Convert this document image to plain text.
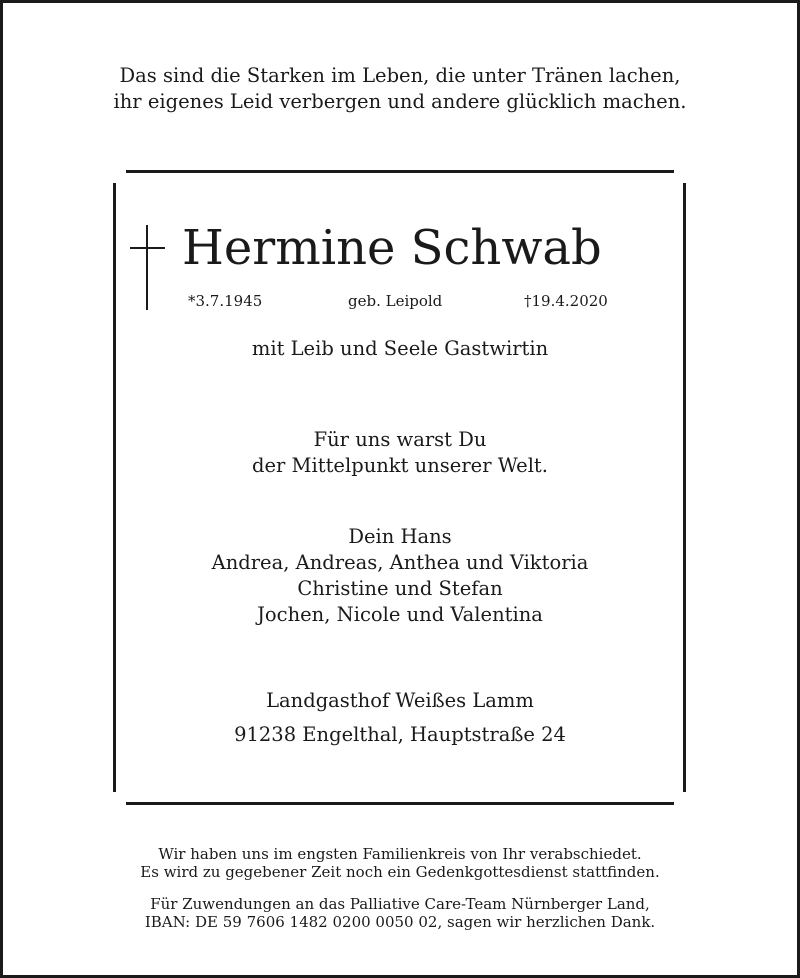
Das sind die Starken im Leben, die unter Tränen lachen,
ihr eigenes Leid verbergen und andere glücklich machen.
Hermine Schwab
*3.7.1945	geb. Leipold	†19.4.2020
mit Leib und Seele Gastwirtin
Für uns warst Du
der Mittelpunkt unserer Welt.
Dein Hans
Andrea, Andreas, Anthea und Viktoria
Christine und Stefan
Jochen, Nicole und Valentina
Landgasthof Weißes Lamm
91238 Engelthal, Hauptstraße 24
Wir haben uns im engsten Familienkreis von Ihr verabschiedet.
Es wird zu gegebener Zeit noch ein Gedenkgottesdienst stattfinden.
Für Zuwendungen an das Palliative Care-Team Nürnberger Land,
IBAN: DE 59 7606 1482 0200 0050 02, sagen wir herzlichen Dank.
